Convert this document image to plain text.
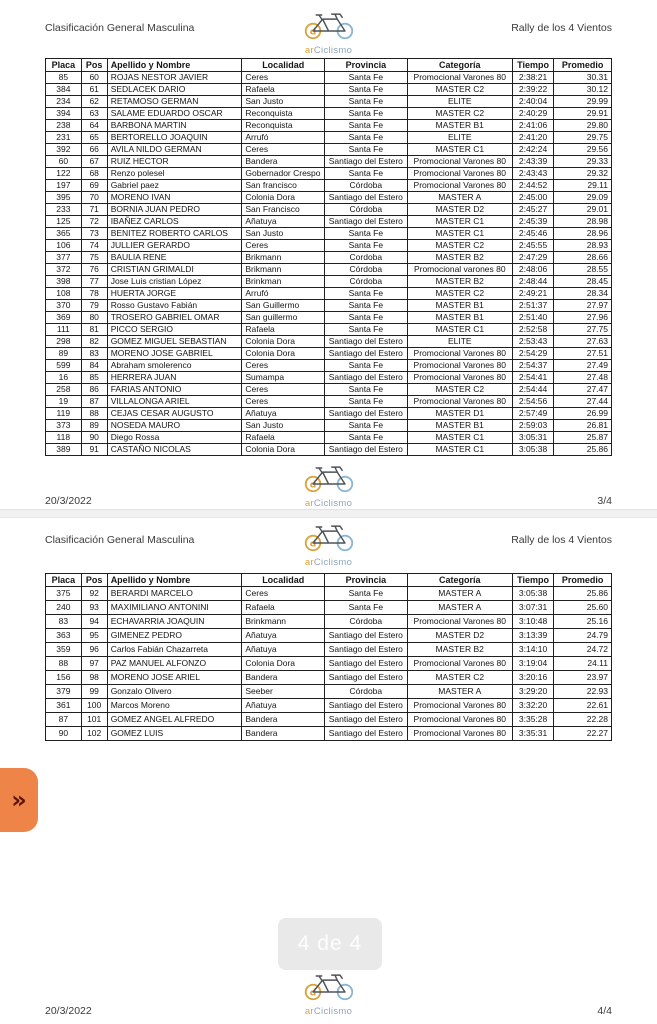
Clasificación General Masculina	Rally de los 4 Vientos
d
arCiclismo
Placa	Pos	Apellido y Nombre	Localidad	Provincia	Categoría	Tiempo	Promedio
85	60	ROJAS NESTOR JAVIER	Ceres	Santa Fe	Promocional Varones 80	2:38:21	30.31
384	61	SEDLACEK DARIO	Rafaela	Santa Fe	MASTER C2	2:39:22	30.12
234	62	RETAMOSO GERMAN	San Justo	Santa Fe	ELITE	2:40:04	29.99
394	63	SALAME EDUARDO OSCAR	Reconquista	Santa Fe	MASTER C2	2:40:29	29.91
238	64	BARBONA MARTIN	Reconquista	Santa Fe	MASTER B1	2:41:06	29.80
231	65	BERTORELLO JOAQUIN	Arrufó	Santa Fe	ELITE	2:41:20	29.75
392	66	AVILA NILDO GERMAN	Ceres	Santa Fe	MASTER C1	2:42:24	29.56
60	67	RUIZ HECTOR	Bandera	Santiago del Estero	Promocional Varones 80	2:43:39	29.33
122	68	Renzo polesel	Gobernador Crespo	Santa Fe	Promocional Varones 80	2:43:43	29.32
197	69	Gabriel paez	San francisco	Córdoba	Promocional Varones 80	2:44:52	29.11
395	70	MORENO IVAN	Colonia Dora	Santiago del Estero	MASTER A	2:45:00	29.09
233	71	BORNIA JUAN PEDRO	San Francisco	Córdoba	MASTER D2	2:45:27	29.01
125	72	IBAÑEZ CARLOS	Añatuya	Santiago del Estero	MASTER C1	2:45:39	28.98
365	73	BENITEZ ROBERTO CARLOS	San Justo	Santa Fe	MASTER C1	2:45:46	28.96
106	74	JULLIER GERARDO	Ceres	Santa Fe	MASTER C2	2:45:55	28.93
377	75	BAULIA RENE	Brikmann	Cordoba	MASTER B2	2:47:29	28.66
372	76	CRISTIAN GRIMALDI	Brikmann	Córdoba	Promocional varones 80	2:48:06	28.55
398	77	Jose Luis cristian López	Brinkman	Córdoba	MASTER B2	2:48:44	28.45
108	78	HUERTA JORGE	Arrufó	Santa Fe	MASTER C2	2:49:21	28.34
370	79	Rosso Gustavo Fabián	San Guillermo	Santa Fe	MASTER B1	2:51:37	27.97
369	80	TROSERO GABRIEL OMAR	San guillermo	Santa Fe	MASTER B1	2:51:40	27.96
111	81	PICCO SERGIO	Rafaela	Santa Fe	MASTER C1	2:52:58	27.75
298	82	GOMEZ MIGUEL SEBASTIAN	Colonia Dora	Santiago del Estero	ELITE	2:53:43	27.63
89	83	MORENO JOSE GABRIEL	Colonia Dora	Santiago del Estero	Promocional Varones 80	2:54:29	27.51
599	84	Abraham smolerenco	Ceres	Santa Fe	Promocional Varones 80	2:54:37	27.49
16	85	HERRERA JUAN	Sumampa	Santiago del Estero	Promocional Varones 80	2:54:41	27.48
258	86	FARIAS ANTONIO	Ceres	Santa Fe	MASTER C2	2:54:44	27.47
19	87	VILLALONGA ARIEL	Ceres	Santa Fe	Promocional Varones 80	2:54:56	27.44
119	88	CEJAS CESAR AUGUSTO	Añatuya	Santiago del Estero	MASTER D1	2:57:49	26.99
373	89	NOSEDA MAURO	San Justo	Santa Fe	MASTER B1	2:59:03	26.81
118	90	Diego Rossa	Rafaela	Santa Fe	MASTER C1	3:05:31	25.87
389	91	CASTAÑO NICOLAS	Colonia Dora	Santiago del Estero	MASTER C1	3:05:38	25.86
d
arCiclismo
20/3/2022	3/4
Clasificación General Masculina	Rally de los 4 Vientos
d
arCiclismo
Placa	Pos	Apellido y Nombre	Localidad	Provincia	Categoría	Tiempo	Promedio
375	92	BERARDI MARCELO	Ceres	Santa Fe	MASTER A	3:05:38	25.86
240	93	MAXIMILIANO ANTONINI	Rafaela	Santa Fe	MASTER A	3:07:31	25.60
83	94	ECHAVARRIA JOAQUIN	Brinkmann	Córdoba	Promocional Varones 80	3:10:48	25.16
363	95	GIMENEZ PEDRO	Añatuya	Santiago del Estero	MASTER D2	3:13:39	24.79
359	96	Carlos Fabián Chazarreta	Añatuya	Santiago del Estero	MASTER B2	3:14:10	24.72
88	97	PAZ MANUEL ALFONZO	Colonia Dora	Santiago del Estero	Promocional Varones 80	3:19:04	24.11
156	98	MORENO JOSE ARIEL	Bandera	Santiago del Estero	MASTER C2	3:20:16	23.97
379	99	Gonzalo Olivero	Seeber	Córdoba	MASTER A	3:29:20	22.93
361	100	Marcos Moreno	Añatuya	Santiago del Estero	Promocional Varones 80	3:32:20	22.61
87	101	GOMEZ ANGEL ALFREDO	Bandera	Santiago del Estero	Promocional Varones 80	3:35:28	22.28
90	102	GOMEZ LUIS	Bandera	Santiago del Estero	Promocional Varones 80	3:35:31	22.27
d
arCiclismo
20/3/2022	4/4
»
4 de 4
